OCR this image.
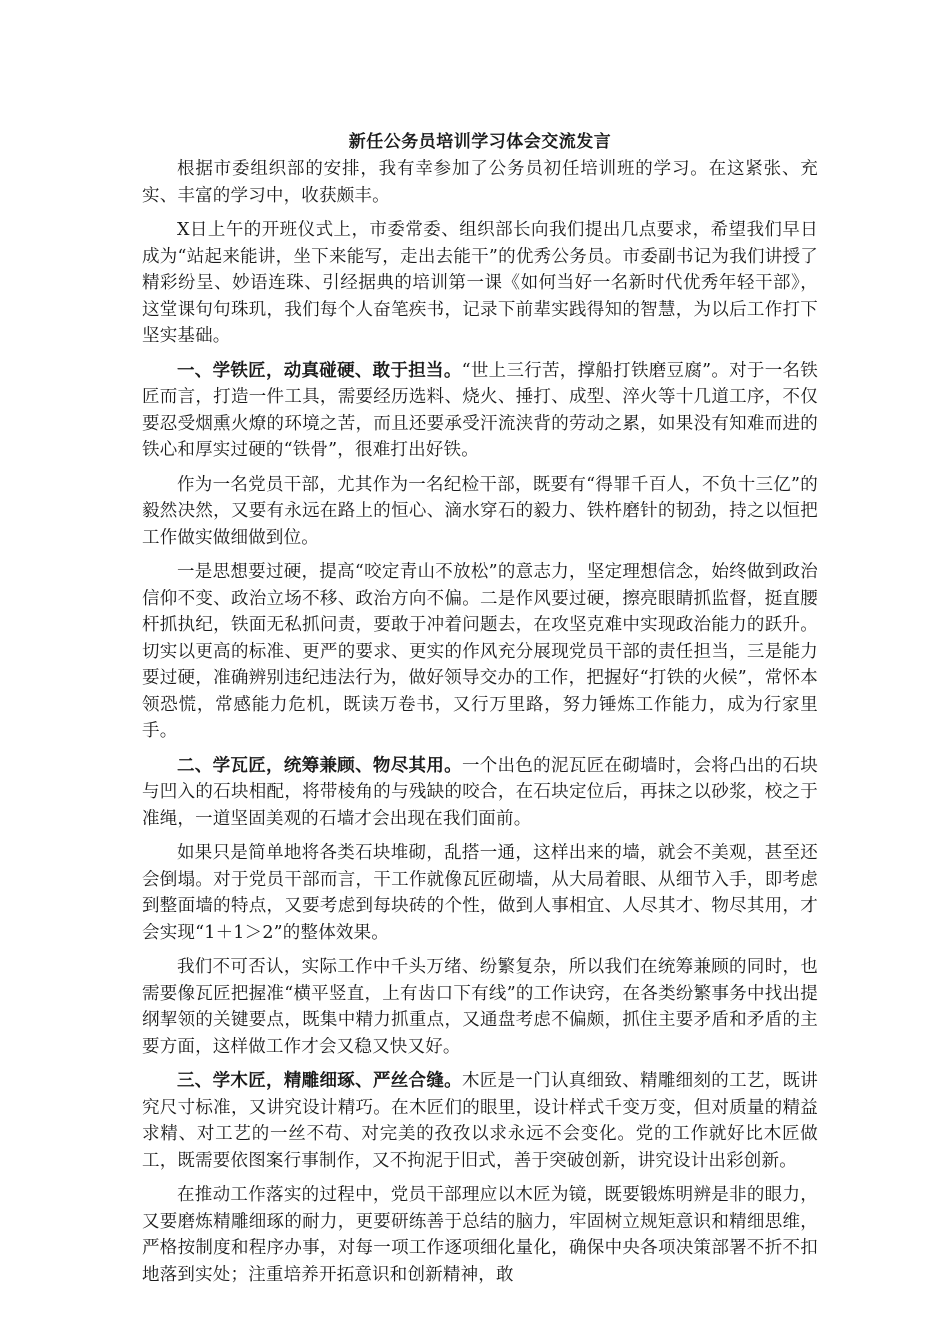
新任公务员培训学习体会交流发言

根据市委组织部的安排，我有幸参加了公务员初任培训班的学习。在这紧张、充实、丰富的学习中，收获颇丰。

X日上午的开班仪式上，市委常委、组织部长向我们提出几点要求，希望我们早日成为“站起来能讲，坐下来能写，走出去能干”的优秀公务员。市委副书记为我们讲授了精彩纷呈、妙语连珠、引经据典的培训第一课《如何当好一名新时代优秀年轻干部》，这堂课句句珠玑，我们每个人奋笔疾书，记录下前辈实践得知的智慧，为以后工作打下坚实基础。

一、学铁匠，动真碰硬、敢于担当。“世上三行苦，撑船打铁磨豆腐”。对于一名铁匠而言，打造一件工具，需要经历选料、烧火、捶打、成型、淬火等十几道工序，不仅要忍受烟熏火燎的环境之苦，而且还要承受汗流浃背的劳动之累，如果没有知难而进的铁心和厚实过硬的“铁骨”，很难打出好铁。

作为一名党员干部，尤其作为一名纪检干部，既要有“得罪千百人，不负十三亿”的毅然决然，又要有永远在路上的恒心、滴水穿石的毅力、铁杵磨针的韧劲，持之以恒把工作做实做细做到位。

一是思想要过硬，提高“咬定青山不放松”的意志力，坚定理想信念，始终做到政治信仰不变、政治立场不移、政治方向不偏。二是作风要过硬，擦亮眼睛抓监督，挺直腰杆抓执纪，铁面无私抓问责，要敢于冲着问题去，在攻坚克难中实现政治能力的跃升。切实以更高的标准、更严的要求、更实的作风充分展现党员干部的责任担当，三是能力要过硬，准确辨别违纪违法行为，做好领导交办的工作，把握好“打铁的火候”，常怀本领恐慌，常感能力危机，既读万卷书，又行万里路，努力锤炼工作能力，成为行家里手。

二、学瓦匠，统筹兼顾、物尽其用。一个出色的泥瓦匠在砌墙时，会将凸出的石块与凹入的石块相配，将带棱角的与残缺的咬合，在石块定位后，再抹之以砂浆，校之于准绳，一道坚固美观的石墙才会出现在我们面前。

如果只是简单地将各类石块堆砌，乱搭一通，这样出来的墙，就会不美观，甚至还会倒塌。对于党员干部而言，干工作就像瓦匠砌墙，从大局着眼、从细节入手，即考虑到整面墙的特点，又要考虑到每块砖的个性，做到人事相宜、人尽其才、物尽其用，才会实现“1＋1＞2”的整体效果。

我们不可否认，实际工作中千头万绪、纷繁复杂，所以我们在统筹兼顾的同时，也需要像瓦匠把握准“横平竖直，上有齿口下有线”的工作诀窍，在各类纷繁事务中找出提纲挈领的关键要点，既集中精力抓重点，又通盘考虑不偏颇，抓住主要矛盾和矛盾的主要方面，这样做工作才会又稳又快又好。

三、学木匠，精雕细琢、严丝合缝。木匠是一门认真细致、精雕细刻的工艺，既讲究尺寸标准，又讲究设计精巧。在木匠们的眼里，设计样式千变万变，但对质量的精益求精、对工艺的一丝不苟、对完美的孜孜以求永远不会变化。党的工作就好比木匠做工，既需要依图案行事制作，又不拘泥于旧式，善于突破创新，讲究设计出彩创新。

在推动工作落实的过程中，党员干部理应以木匠为镜，既要锻炼明辨是非的眼力，又要磨炼精雕细琢的耐力，更要研练善于总结的脑力，牢固树立规矩意识和精细思维，严格按制度和程序办事，对每一项工作逐项细化量化，确保中央各项决策部署不折不扣地落到实处；注重培养开拓意识和创新精神，敢
